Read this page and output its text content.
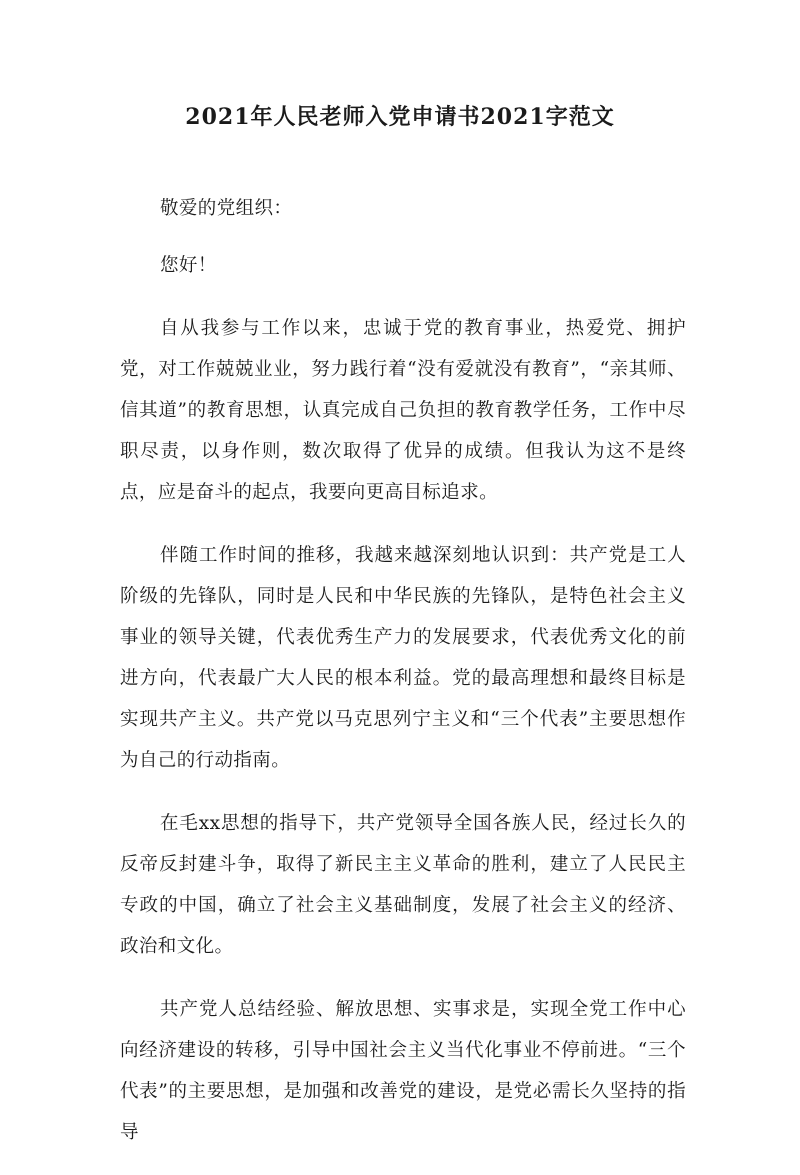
2021年人民老师入党申请书2021字范文

敬爱的党组织：

您好！

自从我参与工作以来，忠诚于党的教育事业，热爱党、拥护党，对工作兢兢业业，努力践行着“没有爱就没有教育”，“亲其师、信其道”的教育思想，认真完成自己负担的教育教学任务，工作中尽职尽责，以身作则，数次取得了优异的成绩。但我认为这不是终点，应是奋斗的起点，我要向更高目标追求。

伴随工作时间的推移，我越来越深刻地认识到：共产党是工人阶级的先锋队，同时是人民和中华民族的先锋队，是特色社会主义事业的领导关键，代表优秀生产力的发展要求，代表优秀文化的前进方向，代表最广大人民的根本利益。党的最高理想和最终目标是实现共产主义。共产党以马克思列宁主义和“三个代表”主要思想作为自己的行动指南。

在毛xx思想的指导下，共产党领导全国各族人民，经过长久的反帝反封建斗争，取得了新民主主义革命的胜利，建立了人民民主专政的中国，确立了社会主义基础制度，发展了社会主义的经济、政治和文化。

共产党人总结经验、解放思想、实事求是，实现全党工作中心向经济建设的转移，引导中国社会主义当代化事业不停前进。“三个代表”的主要思想，是加强和改善党的建设，是党必需长久坚持的指导
